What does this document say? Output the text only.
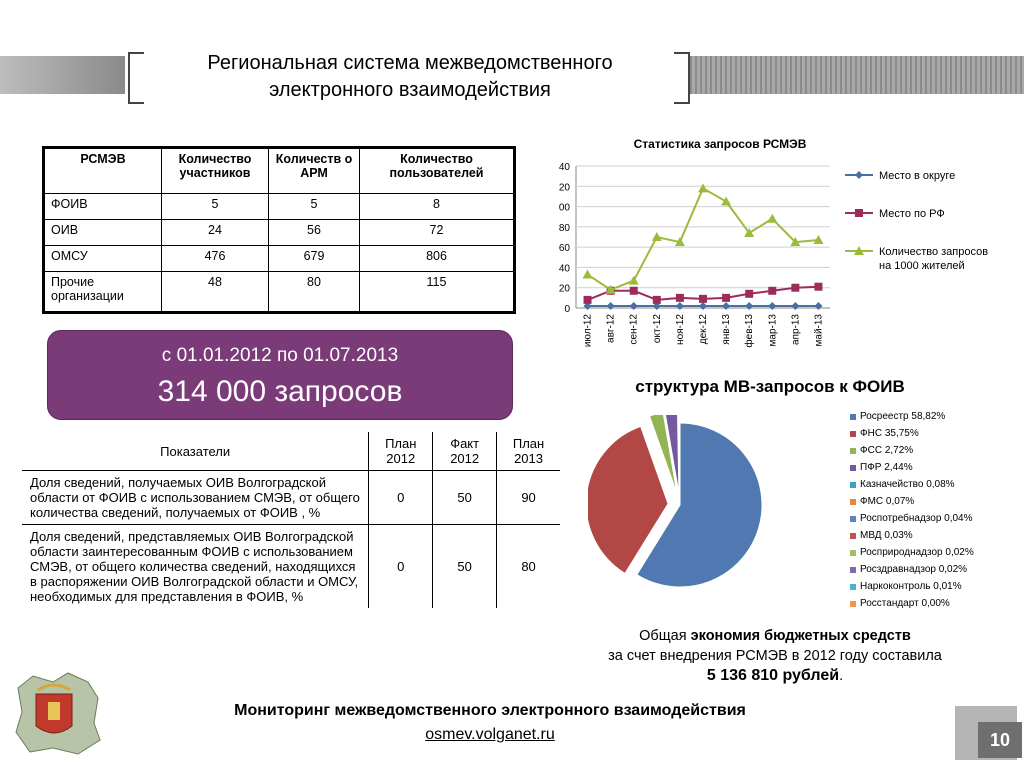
Региональная система межведомственного
электронного взаимодействия
РСМЭВ	Количество участников	Количеств о АРМ	Количество пользователей
ФОИВ	5	5	8
ОИВ	24	56	72
ОМСУ	476	679	806
Прочие организации	48	80	115
с 01.01.2012 по 01.07.2013
314 000 запросов
Показатели	План 2012	Факт 2012	План 2013
Доля сведений, получаемых ОИВ Волгоградской области от ФОИВ с использованием СМЭВ, от общего количества сведений, получаемых от ФОИВ , %	0	50	90
Доля сведений, представляемых ОИВ Волгоградской области заинтересованным ФОИВ с использованием СМЭВ, от общего количества сведений, находящихся в распоряжении ОИВ Волгоградской области и ОМСУ, необходимых для представления в ФОИВ, %	0	50	80
Статистика запросов РСМЭВ
0
20
40
60
80
00
20
40
июл-12 авг-12 сен-12 окт-12 ноя-12 дек-12 янв-13 фев-13 мар-13 апр-13 май-13
Место в округе
Место по РФ
Количество запросов
на 1000 жителей
структура МВ-запросов к ФОИВ
Росреестр 58,82%
ФНС 35,75%
ФСС 2,72%
ПФР 2,44%
Казначейство 0,08%
ФМС 0,07%
Роспотребнадзор 0,04%
МВД 0,03%
Росприроднадзор 0,02%
Росздравнадзор 0,02%
Наркоконтроль 0,01%
Росстандарт 0,00%
Общая экономия бюджетных средств
за счет внедрения РСМЭВ в 2012 году составила
5 136 810 рублей.
Мониторинг межведомственного электронного взаимодействия
osmev.volganet.ru	10
